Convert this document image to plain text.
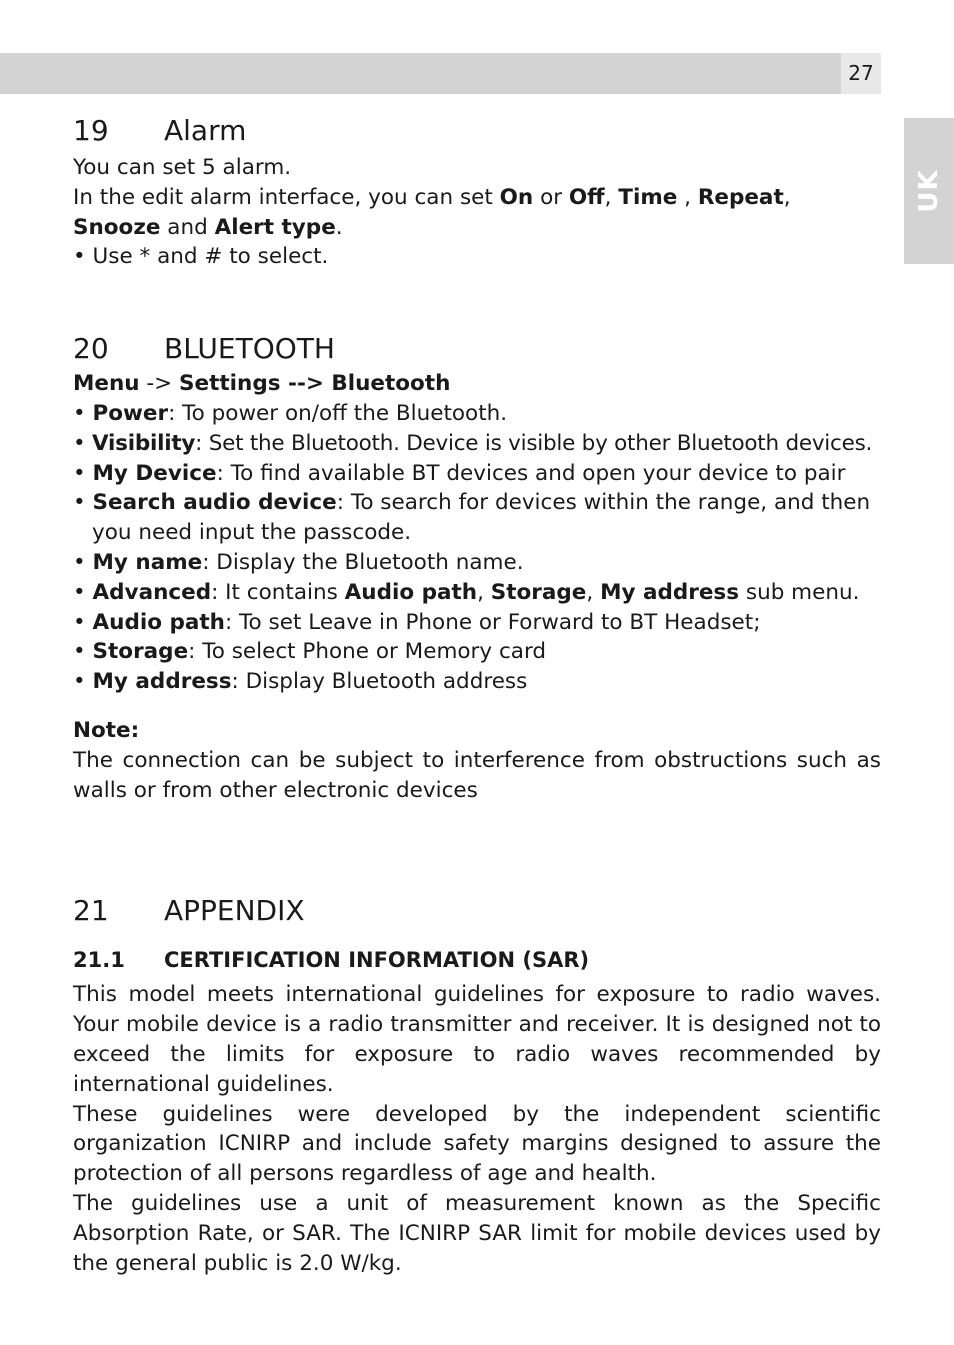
27
UK
19 Alarm

You can set 5 alarm.

In the edit alarm interface, you can set On or Off, Time , Repeat, Snooze and Alert type.

• Use * and # to select.
20 BLUETOOTH

Menu -> Settings --> Bluetooth

• Power: To power on/off the Bluetooth.
• Visibility: Set the Bluetooth. Device is visible by other Bluetooth devices.
• My Device: To find available BT devices and open your device to pair
• Search audio device: To search for devices within the range, and then you need input the passcode.
• My name: Display the Bluetooth name.
• Advanced: It contains Audio path, Storage, My address sub menu.
• Audio path: To set Leave in Phone or Forward to BT Headset;
• Storage: To select Phone or Memory card
• My address: Display Bluetooth address

Note:

The connection can be subject to interference from obstructions such as walls or from other electronic devices

21 APPENDIX
21.1 CERTIFICATION INFORMATION (SAR)

This model meets international guidelines for exposure to radio waves. Your mobile device is a radio transmitter and receiver. It is designed not to exceed the limits for exposure to radio waves recommended by international guidelines.

These guidelines were developed by the independent scientific organization ICNIRP and include safety margins designed to assure the protection of all persons regardless of age and health.

The guidelines use a unit of measurement known as the Specific Absorption Rate, or SAR. The ICNIRP SAR limit for mobile devices used by the general public is 2.0 W/kg.
